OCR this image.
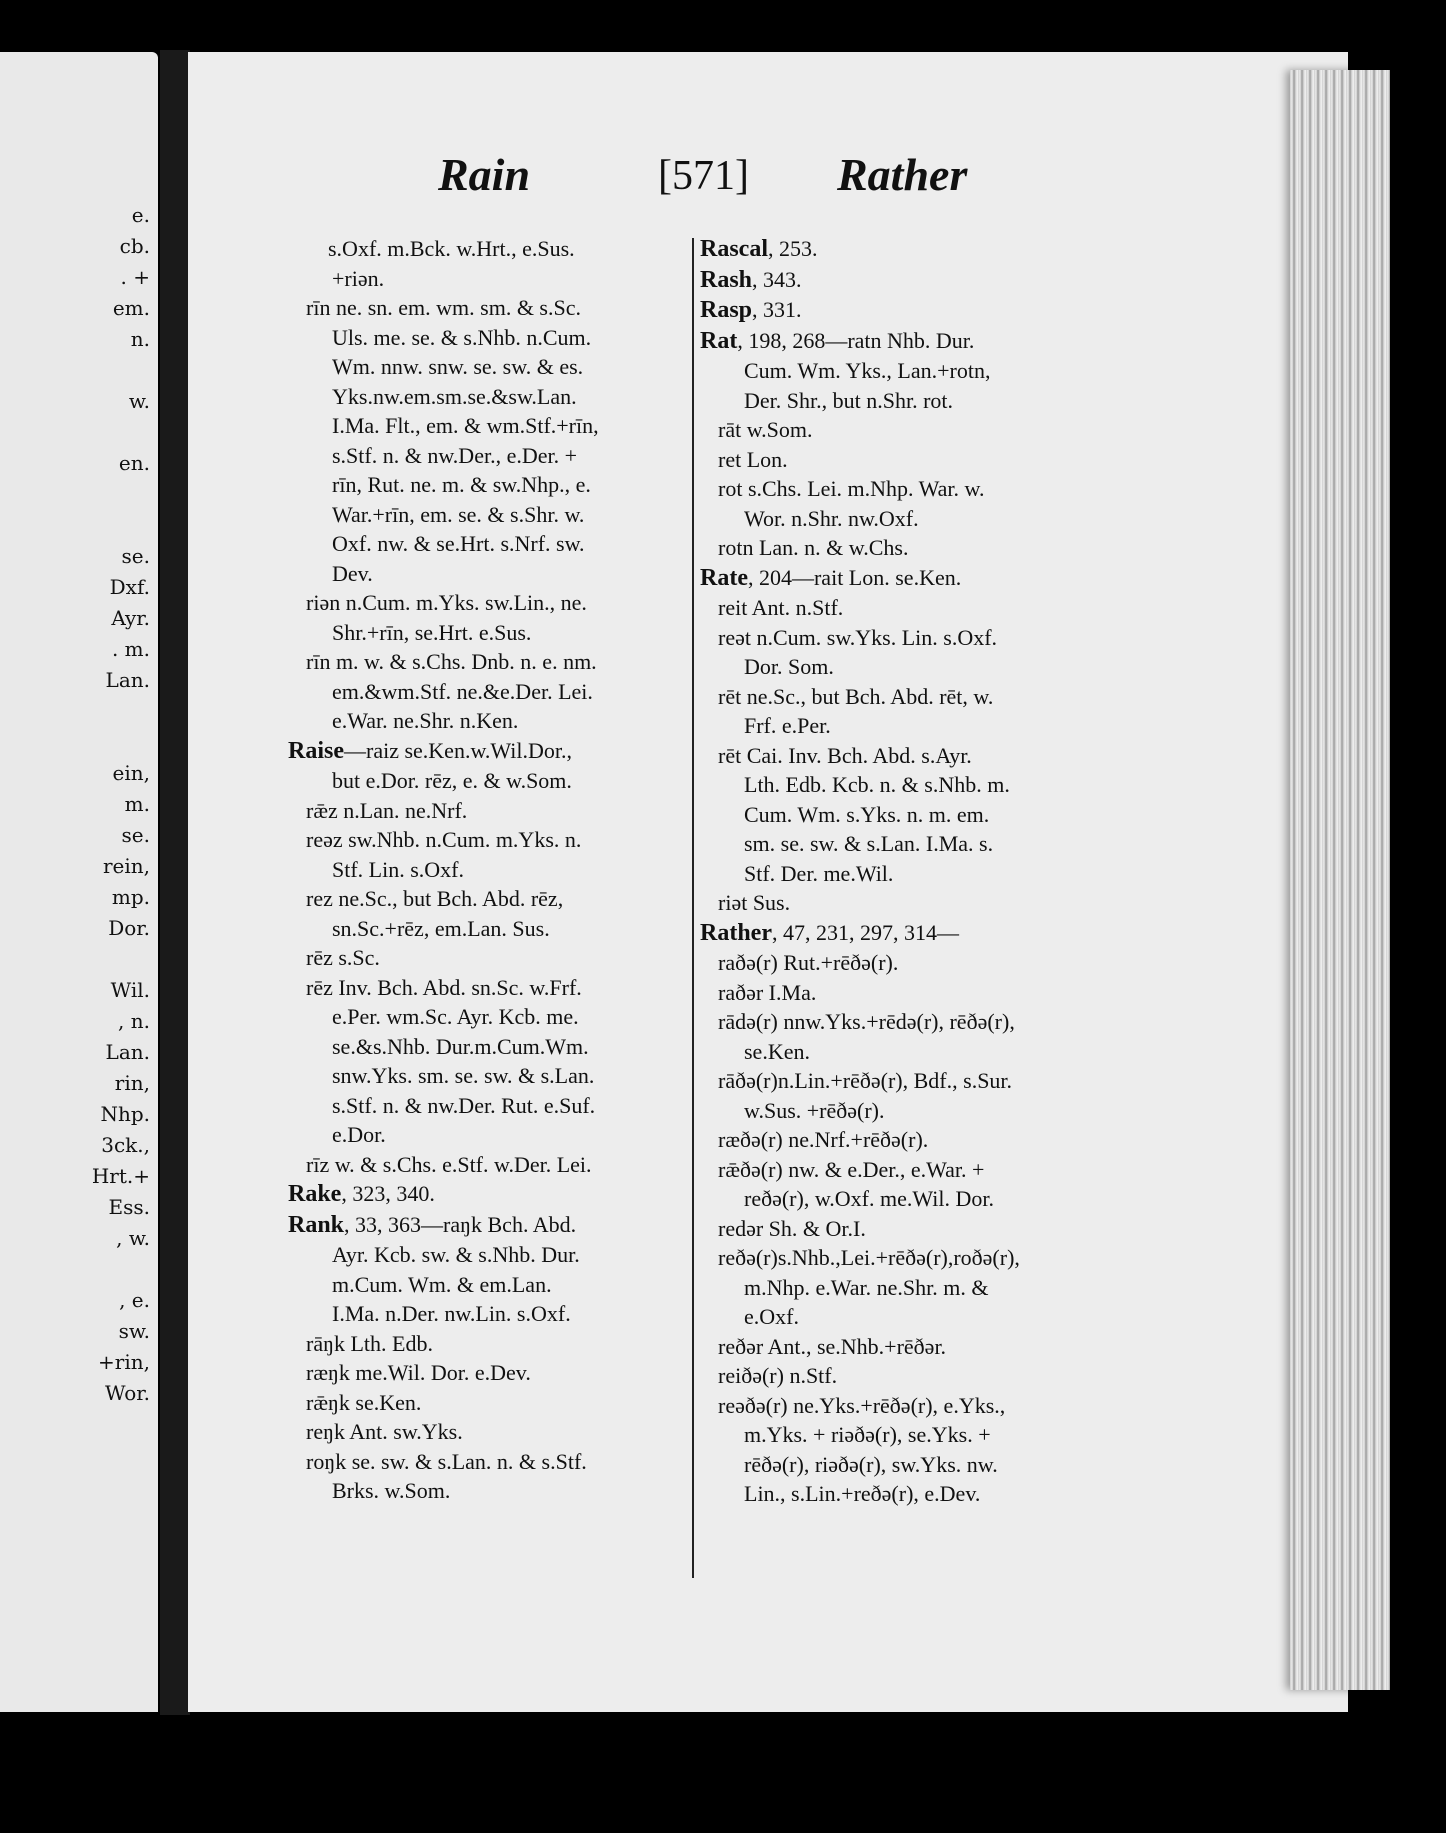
e.
cb.
. +
em.
n.
w.
en.
se.
Dxf.
Ayr.
. m.
Lan.
ein,
m.
se.
rein,
mp.
Dor.
Wil.
, n.
Lan.
rin,
Nhp.
3ck.,
Hrt.+
Ess.
, w.
, e.
sw.
+rin,
Wor.
Rain	[571] Rather
s.Oxf. m.Bck. w.Hrt., e.Sus.
+riən.
rīn ne. sn. em. wm. sm. & s.Sc.
Uls. me. se. & s.Nhb. n.Cum.
Wm. nnw. snw. se. sw. & es.
Yks.nw.em.sm.se.&sw.Lan.
I.Ma. Flt., em. & wm.Stf.+rīn,
s.Stf. n. & nw.Der., e.Der. +
rīn, Rut. ne. m. & sw.Nhp., e.
War.+rīn, em. se. & s.Shr. w.
Oxf. nw. & se.Hrt. s.Nrf. sw.
Dev.
riən n.Cum. m.Yks. sw.Lin., ne.
Shr.+rīn, se.Hrt. e.Sus.
rīn m. w. & s.Chs. Dnb. n. e. nm.
em.&wm.Stf. ne.&e.Der. Lei.
e.War. ne.Shr. n.Ken.
Raise—raiz se.Ken.w.Wil.Dor.,
but e.Dor. rēz, e. & w.Som.
rǣz n.Lan. ne.Nrf.
reəz sw.Nhb. n.Cum. m.Yks. n.
Stf. Lin. s.Oxf.
rez ne.Sc., but Bch. Abd. rēz,
sn.Sc.+rēz, em.Lan. Sus.
rēz s.Sc.
rēz Inv. Bch. Abd. sn.Sc. w.Frf.
e.Per. wm.Sc. Ayr. Kcb. me.
se.&s.Nhb. Dur.m.Cum.Wm.
snw.Yks. sm. se. sw. & s.Lan.
s.Stf. n. & nw.Der. Rut. e.Suf.
e.Dor.
rīz w. & s.Chs. e.Stf. w.Der. Lei.
Rake, 323, 340.
Rank, 33, 363—raŋk Bch. Abd.
Ayr. Kcb. sw. & s.Nhb. Dur.
m.Cum. Wm. & em.Lan.
I.Ma. n.Der. nw.Lin. s.Oxf.
rāŋk Lth. Edb.
ræŋk me.Wil. Dor. e.Dev.
rǣŋk se.Ken.
reŋk Ant. sw.Yks.
roŋk se. sw. & s.Lan. n. & s.Stf.
Brks. w.Som.
Rascal, 253.
Rash, 343.
Rasp, 331.
Rat, 198, 268—ratn Nhb. Dur.
Cum. Wm. Yks., Lan.+rotn,
Der. Shr., but n.Shr. rot.
rāt w.Som.
ret Lon.
rot s.Chs. Lei. m.Nhp. War. w.
Wor. n.Shr. nw.Oxf.
rotn Lan. n. & w.Chs.
Rate, 204—rait Lon. se.Ken.
reit Ant. n.Stf.
reət n.Cum. sw.Yks. Lin. s.Oxf.
Dor. Som.
rēt ne.Sc., but Bch. Abd. rēt, w.
Frf. e.Per.
rēt Cai. Inv. Bch. Abd. s.Ayr.
Lth. Edb. Kcb. n. & s.Nhb. m.
Cum. Wm. s.Yks. n. m. em.
sm. se. sw. & s.Lan. I.Ma. s.
Stf. Der. me.Wil.
riət Sus.
Rather, 47, 231, 297, 314—
raðə(r) Rut.+rēðə(r).
raðər I.Ma.
rādə(r) nnw.Yks.+rēdə(r), rēðə(r),
se.Ken.
rāðə(r)n.Lin.+rēðə(r), Bdf., s.Sur.
w.Sus. +rēðə(r).
ræðə(r) ne.Nrf.+rēðə(r).
rǣðə(r) nw. & e.Der., e.War. +
reðə(r), w.Oxf. me.Wil. Dor.
redər Sh. & Or.I.
reðə(r)s.Nhb.,Lei.+rēðə(r),roðə(r),
m.Nhp. e.War. ne.Shr. m. &
e.Oxf.
reðər Ant., se.Nhb.+rēðər.
reiðə(r) n.Stf.
reəðə(r) ne.Yks.+rēðə(r), e.Yks.,
m.Yks. + riəðə(r), se.Yks. +
rēðə(r), riəðə(r), sw.Yks. nw.
Lin., s.Lin.+reðə(r), e.Dev.
